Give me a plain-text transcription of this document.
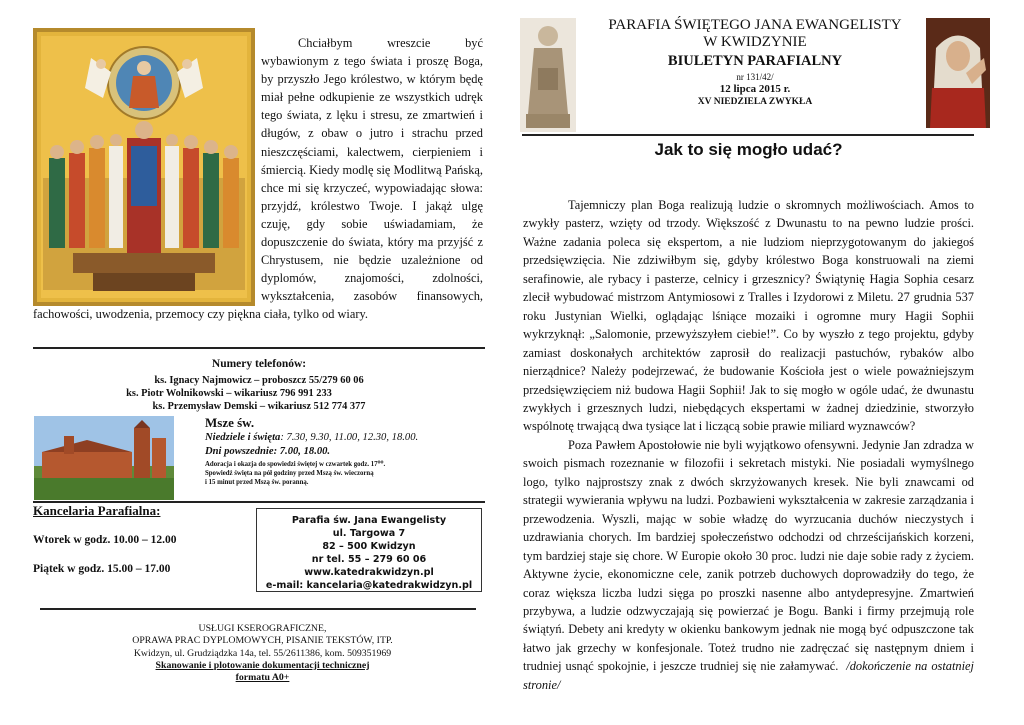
Chciałbym wreszcie być wybawionym z tego świata i proszę Boga, by przyszło Jego królestwo, w którym będę miał pełne odkupienie ze wszystkich udręk tego świata, z lęku i stresu, ze zmartwień i długów, z obaw o jutro i strachu przed nieszczęściami, kalectwem, cierpieniem i śmiercią. Kiedy modlę się Modlitwą Pańską, chce mi się krzyczeć, wypowiadając słowa: przyjdź, królestwo Twoje. I jakąż ulgę czuję, gdy sobie uświadamiam, że dopuszczenie do świata, który ma przyjść z Chrystusem, nie będzie uzależnione od dyplomów, znajomości, zdolności, wykształcenia, zasobów finansowych, fachowości, uwodzenia, przemocy czy piękna ciała, tylko od wiary.

Numery telefonów:
ks. Ignacy Najmowicz – proboszcz 55/279 60 06
ks. Piotr Wolnikowski – wikariusz 796 991 233
ks. Przemysław Demski – wikariusz 512 774 377
Msze św.
Niedziele i święta: 7.30, 9.30, 11.00, 12.30, 18.00.
Dni powszednie: 7.00, 18.00.
Adoracja i okazja do spowiedzi świętej w czwartek godz. 17⁰⁰.
Spowiedź święta na pół godziny przed Mszą św. wieczorną
i 15 minut przed Mszą św. poranną.
Kancelaria Parafialna:
Wtorek w godz. 10.00 – 12.00
Piątek w godz. 15.00 – 17.00
Parafia św. Jana Ewangelisty
ul. Targowa 7
82 – 500 Kwidzyn
nr tel. 55 – 279 60 06
www.katedrakwidzyn.pl
e-mail: kancelaria@katedrakwidzyn.pl
USŁUGI KSEROGRAFICZNE,
OPRAWA PRAC DYPLOMOWYCH, PISANIE TEKSTÓW, ITP.
Kwidzyn, ul. Grudziądzka 14a, tel. 55/2611386, kom. 509351969
Skanowanie i plotowanie dokumentacji technicznej
formatu A0+
PARAFIA ŚWIĘTEGO JANA EWANGELISTY
W KWIDZYNIE
BIULETYN PARAFIALNY
nr 131/42/
12 lipca 2015 r.
XV NIEDZIELA ZWYKŁA
Jak to się mogło udać?

Tajemniczy plan Boga realizują ludzie o skromnych możliwościach. Amos to zwykły pasterz, wzięty od trzody. Większość z Dwunastu to na pewno ludzie prości. Ważne zadania poleca się ekspertom, a nie ludziom nieprzygotowanym do jakiegoś przedsięwzięcia. Nie zdziwiłbym się, gdyby królestwo Boga konstruowali na ziemi serafinowie, ale rybacy i pasterze, celnicy i grzesznicy? Świątynię Hagia Sophia cesarz zlecił wybudować mistrzom Antymiosowi z Tralles i Izydorowi z Miletu. 27 grudnia 537 roku Justynian Wielki, oglądając lśniące mozaiki i ogromne mury Hagii Sophii wykrzyknął: „Salomonie, przewyższyłem ciebie!”. Co by wyszło z tego projektu, gdyby zamiast doskonałych architektów zaprosił do realizacji pastuchów, rybaków albo nierządnice? Należy podejrzewać, że budowanie Kościoła jest o wiele poważniejszym przedsięwzięciem niż budowa Hagii Sophii! Jak to się mogło w ogóle udać, że dwunastu zwykłych i grzesznych ludzi, niebędących ekspertami w żadnej dziedzinie, stworzyło wspólnotę trwającą dwa tysiące lat i liczącą sobie prawie miliard wyznawców?

Poza Pawłem Apostołowie nie byli wyjątkowo ofensywni. Jedynie Jan zdradza w swoich pismach rozeznanie w filozofii i sekretach mistyki. Nie posiadali wymyślnego logo, tylko najprostszy znak z dwóch skrzyżowanych kresek. Nie byli znawcami od strategii wywierania wpływu na ludzi. Pozbawieni wykształcenia w zakresie zarządzania i przewodzenia. Wyszli, mając w sobie władzę do wyrzucania duchów nieczystych i uzdrawiania chorych. Im bardziej społeczeństwo odchodzi od chrześcijańskich korzeni, tym bardziej staje się chore. W Europie około 30 proc. ludzi nie daje sobie rady z życiem. Aktywne życie, ekonomiczne cele, zanik potrzeb duchowych doprowadziły do tego, że coraz większa liczba ludzi sięga po proszki nasenne albo antydepresyjne. Zmartwień przybywa, a ludzie odzwyczajają się powierzać je Bogu. Banki i firmy przejmują role świątyń. Debety ani kredyty w okienku bankowym jednak nie mogą być odpuszczone tak łatwo jak grzechy w konfesjonale. Toteż trudno nie zadręczać się następnym dniem i trudniej usnąć spokojnie, i jeszcze trudniej się nie załamywać. /dokończenie na ostatniej stronie/
